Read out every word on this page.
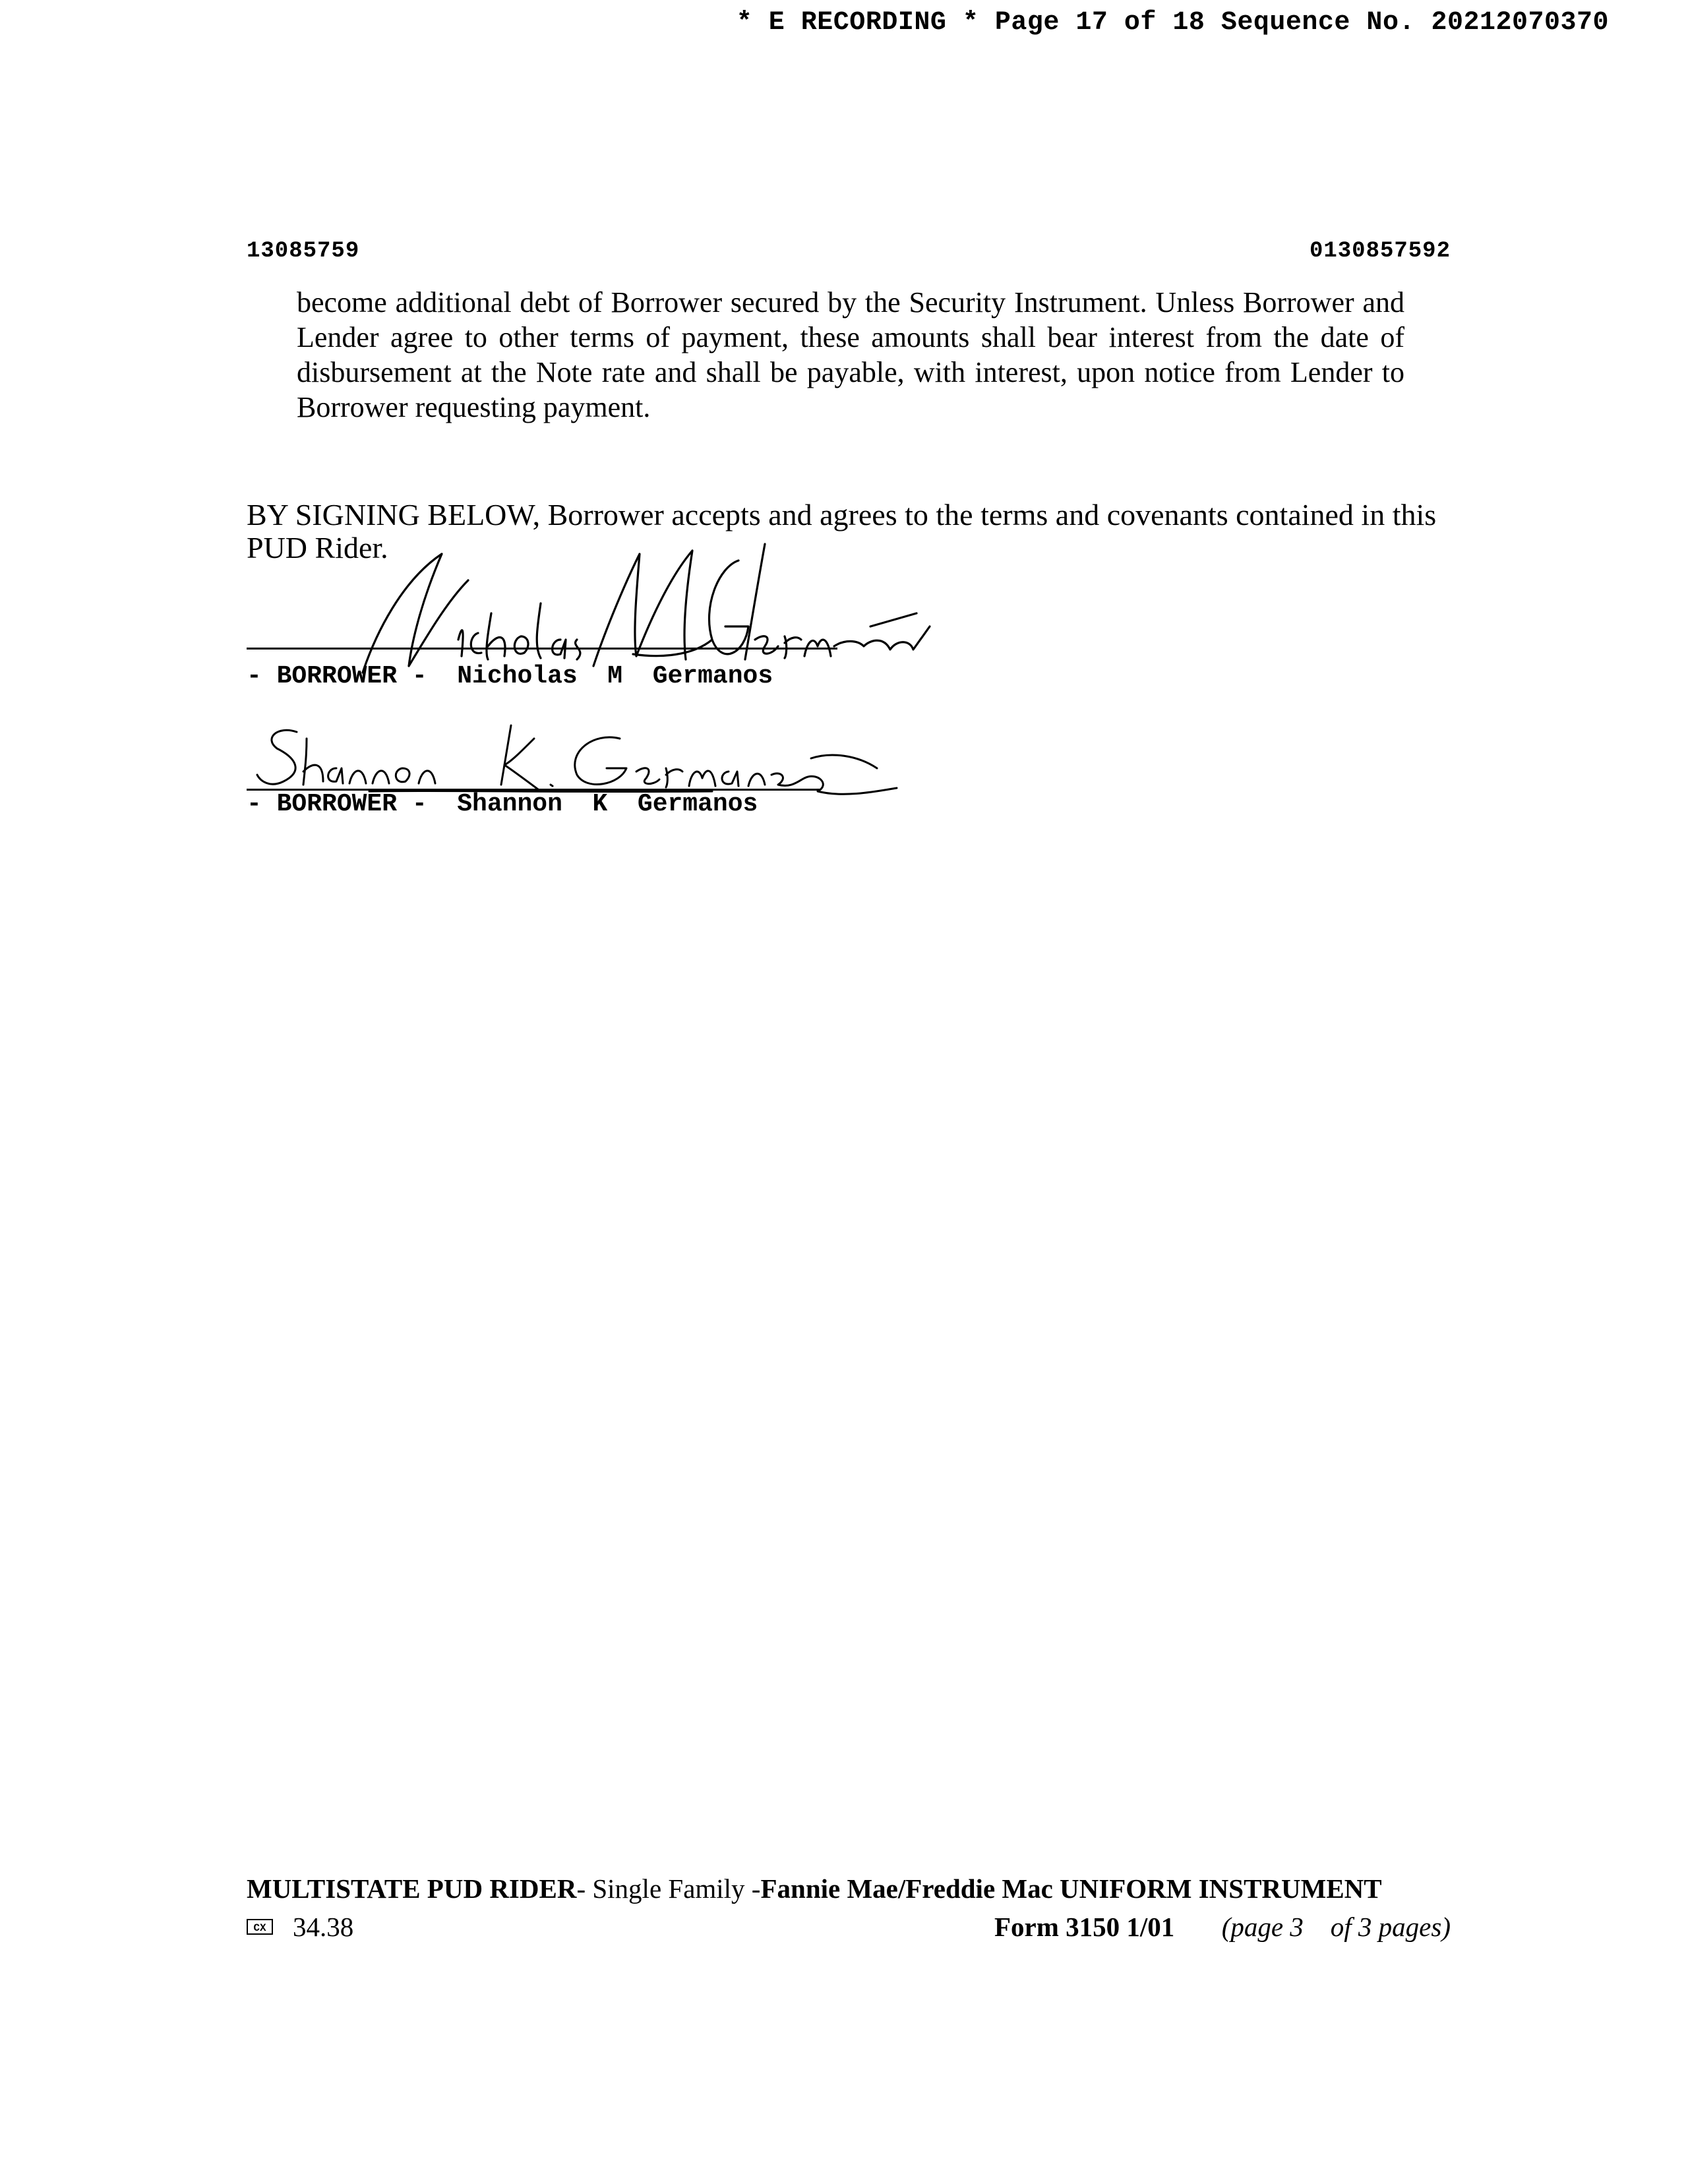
* E RECORDING * Page 17 of 18 Sequence No. 20212070370
13085759	0130857592

become additional debt of Borrower secured by the Security Instrument. Unless Borrower and Lender agree to other terms of payment, these amounts shall bear interest from the date of disbursement at the Note rate and shall be payable, with interest, upon notice from Lender to Borrower requesting payment.

BY SIGNING BELOW, Borrower accepts and agrees to the terms and covenants contained in this PUD Rider.

- BORROWER -  Nicholas  M  Germanos
- BORROWER -  Shannon  K  Germanos
MULTISTATE PUD RIDER- Single Family -Fannie Mae/Freddie Mac UNIFORM INSTRUMENT
CX 34.38	Form 3150 1/01 (page 3    of 3 pages)
